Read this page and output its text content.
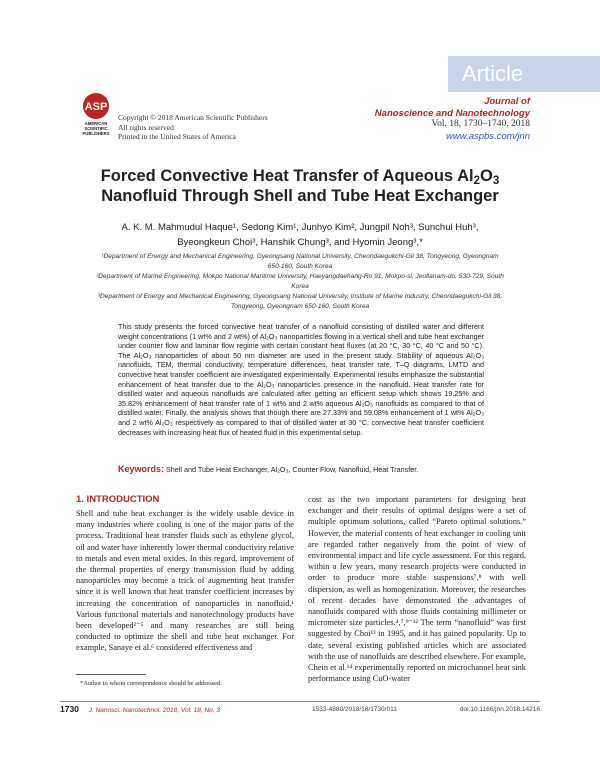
Article
ASP
AMERICAN
SCIENTIFIC
PUBLISHERS
Copyright © 2018 American Scientific Publishers
All rights reserved
Printed in the United States of America
Journal of
Nanoscience and Nanotechnology
Vol. 18, 1730–1740, 2018
www.aspbs.com/jnn
Forced Convective Heat Transfer of Aqueous $Al_2O_3$
Nanofluid Through Shell and Tube Heat Exchanger
A. K. M. Mahmudul Haque¹, Sedong Kim¹, Junhyo Kim², Jungpil Noh³, Sunchul Huh³,
Byeongkeun Choi³, Hanshik Chung³, and Hyomin Jeong³,*

¹Department of Energy and Mechanical Engineering, Gyeongsang National University, Cheondaegukchi-Gil 38, Tongyeong, Gyeongnam 650-160, South Korea

²Department of Marine Engineering, Mokpo National Maritime University, Haeyangdaehang-Ro 91, Mokpo-si, Jeollanam-do, 530-729, South Korea

³Department of Energy and Mechanical Engineering, Gyeongsang National University, Institute of Marine Industry, Cheondaegukchi-Gil 38, Tongyeong, Gyeongnam 650-160, South Korea

This study presents the forced convective heat transfer of a nanofluid consisting of distilled water and different weight concentrations (1 wt% and 2 wt%) of Al₂O₃ nanoparticles flowing in a vertical shell and tube heat exchanger under counter flow and laminar flow regime with certain constant heat fluxes (at 20 °C, 30 °C, 40 °C and 50 °C). The Al₂O₃ nanoparticles of about 50 nm diameter are used in the present study. Stability of aqueous Al₂O₃ nanofluids, TEM, thermal conductivity, temperature differences, heat transfer rate, T–Q diagrams, LMTD and convective heat transfer coefficient are investigated experimentally. Experimental results emphasize the substantial enhancement of heat transfer due to the Al₂O₃ nanoparticles presence in the nanofluid. Heat transfer rate for distilled water and aqueous nanofluids are calculated after getting an efficient setup which shows 19.25% and 35.82% enhancement of heat transfer rate of 1 wt% and 2 wt% aqueous Al₂O₃ nanofluids as compared to that of distilled water. Finally, the analysis shows that though there are 27.33% and 59.08% enhancement of 1 wt% Al₂O₃ and 2 wt% Al₂O₃ respectively as compared to that of distilled water at 30 °C, convective heat transfer coefficient decreases with increasing heat flux of heated fluid in this experimental setup.
Keywords: Shell and Tube Heat Exchanger, Al₂O₃, Counter Flow, Nanofluid, Heat Transfer.
1. INTRODUCTION
Shell and tube heat exchanger is the widely usable device in many industries where cooling is one of the major parts of the process. Traditional heat transfer fluids such as ethylene glycol, oil and water have inherently lower thermal conductivity relative to metals and even metal oxides. In this regard, improvement of the thermal properties of energy transmission fluid by adding nanoparticles may become a trick of augmenting heat transfer since it is well known that heat transfer coefficient increases by increasing the concentration of nanoparticles in nanofluid.¹ Various functional materials and nanotechnology products have been developed²⁻⁵ and many researches are still being conducted to optimize the shell and tube heat exchanger. For example, Sanaye et al.⁶ considered effectiveness and
cost as the two important parameters for designing heat exchanger and their results of optimal designs were a set of multiple optimum solutions, called “Pareto optimal solutions.” However, the material contents of heat exchanger in cooling unit are regarded rather negatively from the point of view of environmental impact and life cycle assessment. For this regard, within a few years, many research projects were conducted in order to produce more stable suspensions⁷,⁸ with well dispersion, as well as homogenization. Moreover, the researches of recent decades have demonstrated the advantages of nanofluids compared with those fluids containing millimeter or micrometer size particles.⁴,⁷,⁹⁻¹² The term “nanofluid” was first suggested by Choi¹³ in 1995, and it has gained popularity. Up to date, several existing published articles which are associated with the use of nanofluids are described elsewhere. For example, Chein et al.¹⁴ experimentally reported on microchannel heat sink performance using CuO-water
*Author to whom correspondence should be addressed.
1730 J. Nanosci. Nanotechnol. 2018, Vol. 18, No. 3	1533-4880/2018/18/1730/011	doi:10.1166/jnn.2018.14216
